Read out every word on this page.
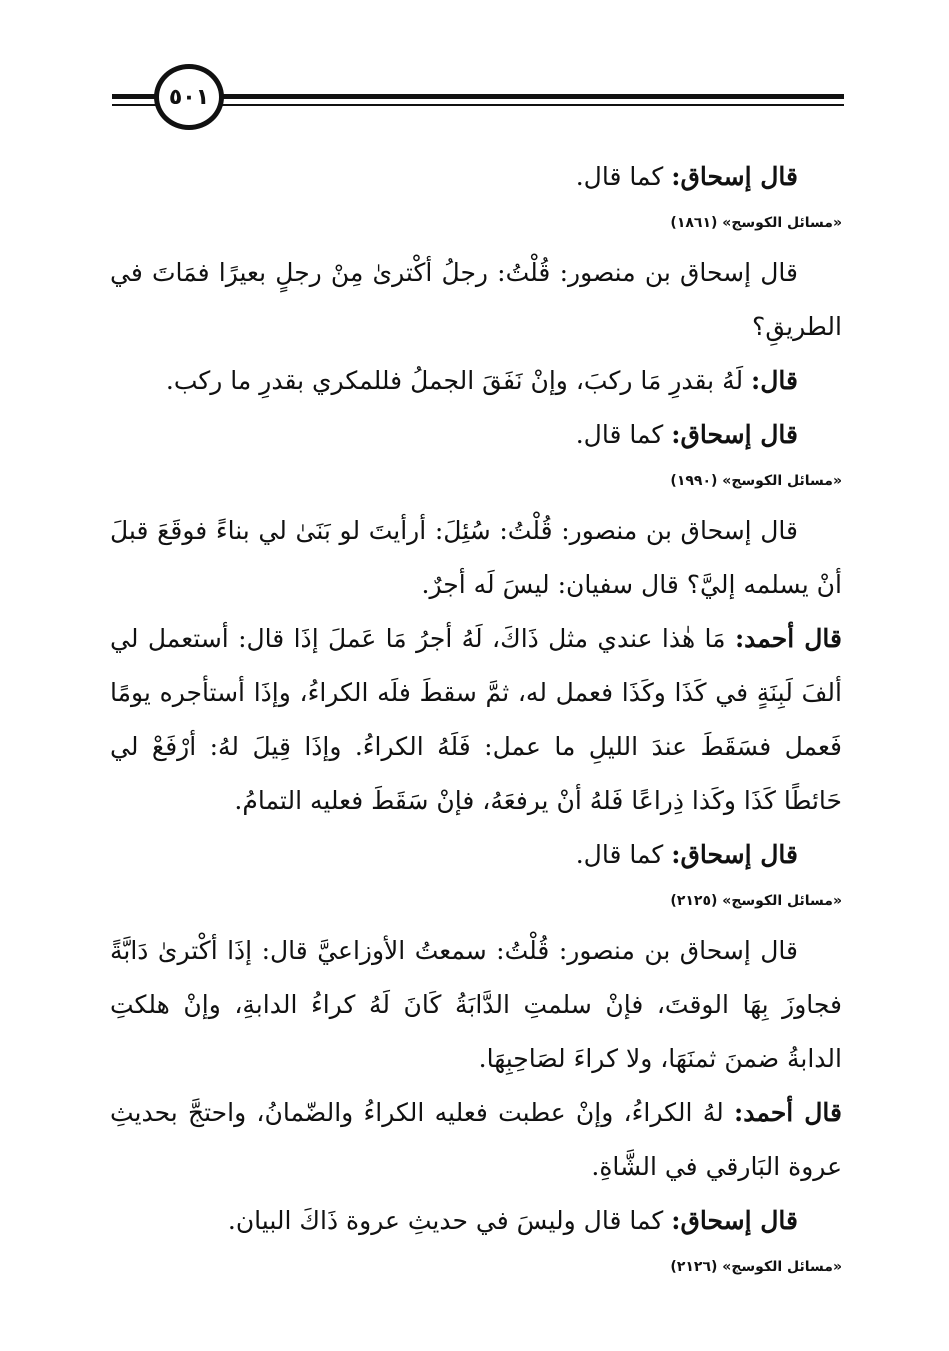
٥٠١

قال إسحاق: كما قال.

«مسائل الكوسج» (١٨٦١)

قال إسحاق بن منصور: قُلْتُ: رجلُ أكْترىٰ مِنْ رجلٍ بعيرًا فمَاتَ في الطريقِ؟

قال: لَهُ بقدرِ مَا ركبَ، وإنْ نَفَقَ الجملُ فللمكري بقدرِ ما ركب.

قال إسحاق: كما قال.

«مسائل الكوسج» (١٩٩٠)

قال إسحاق بن منصور: قُلْتُ: سُئِلَ: أرأيتَ لو بَنَىٰ لي بناءً فوقَعَ قبلَ أنْ يسلمه إليَّ؟ قال سفيان: ليسَ لَه أجرٌ.

قال أحمد: مَا هٰذا عندي مثل ذَاكَ، لَهُ أجرُ مَا عَملَ إذَا قال: أستعمل لي ألفَ لَبِنَةٍ في كَذَا وكَذَا فعمل له، ثمَّ سقطَ فلَه الكراءُ، وإذَا أستأجره يومًا فَعمل فسَقَطَ عندَ الليلِ ما عمل: فَلَهُ الكراءُ. وإذَا قِيلَ لهُ: أرْفَعْ لي حَائطًا كَذَا وكَذا ذِراعًا فَلهُ أنْ يرفعَهُ، فإنْ سَقَطَ فعليه التمامُ.

قال إسحاق: كما قال.

«مسائل الكوسج» (٢١٢٥)

قال إسحاق بن منصور: قُلْتُ: سمعتُ الأوزاعيَّ قال: إذَا أكْترىٰ دَابَّةً فجاوزَ بِهَا الوقتَ، فإنْ سلمتِ الدَّابَةُ كَانَ لَهُ كراءُ الدابةِ، وإنْ هلكتِ الدابةُ ضمنَ ثمنَهَا، ولا كراءَ لصَاحِبِهَا.

قال أحمد: لهُ الكراءُ، وإنْ عطبت فعليه الكراءُ والضّمانُ، واحتجَّ بحديثِ عروة البَارقي في الشَّاةِ.

قال إسحاق: كما قال وليسَ في حديثِ عروة ذَاكَ البيان.

«مسائل الكوسج» (٢١٢٦)
